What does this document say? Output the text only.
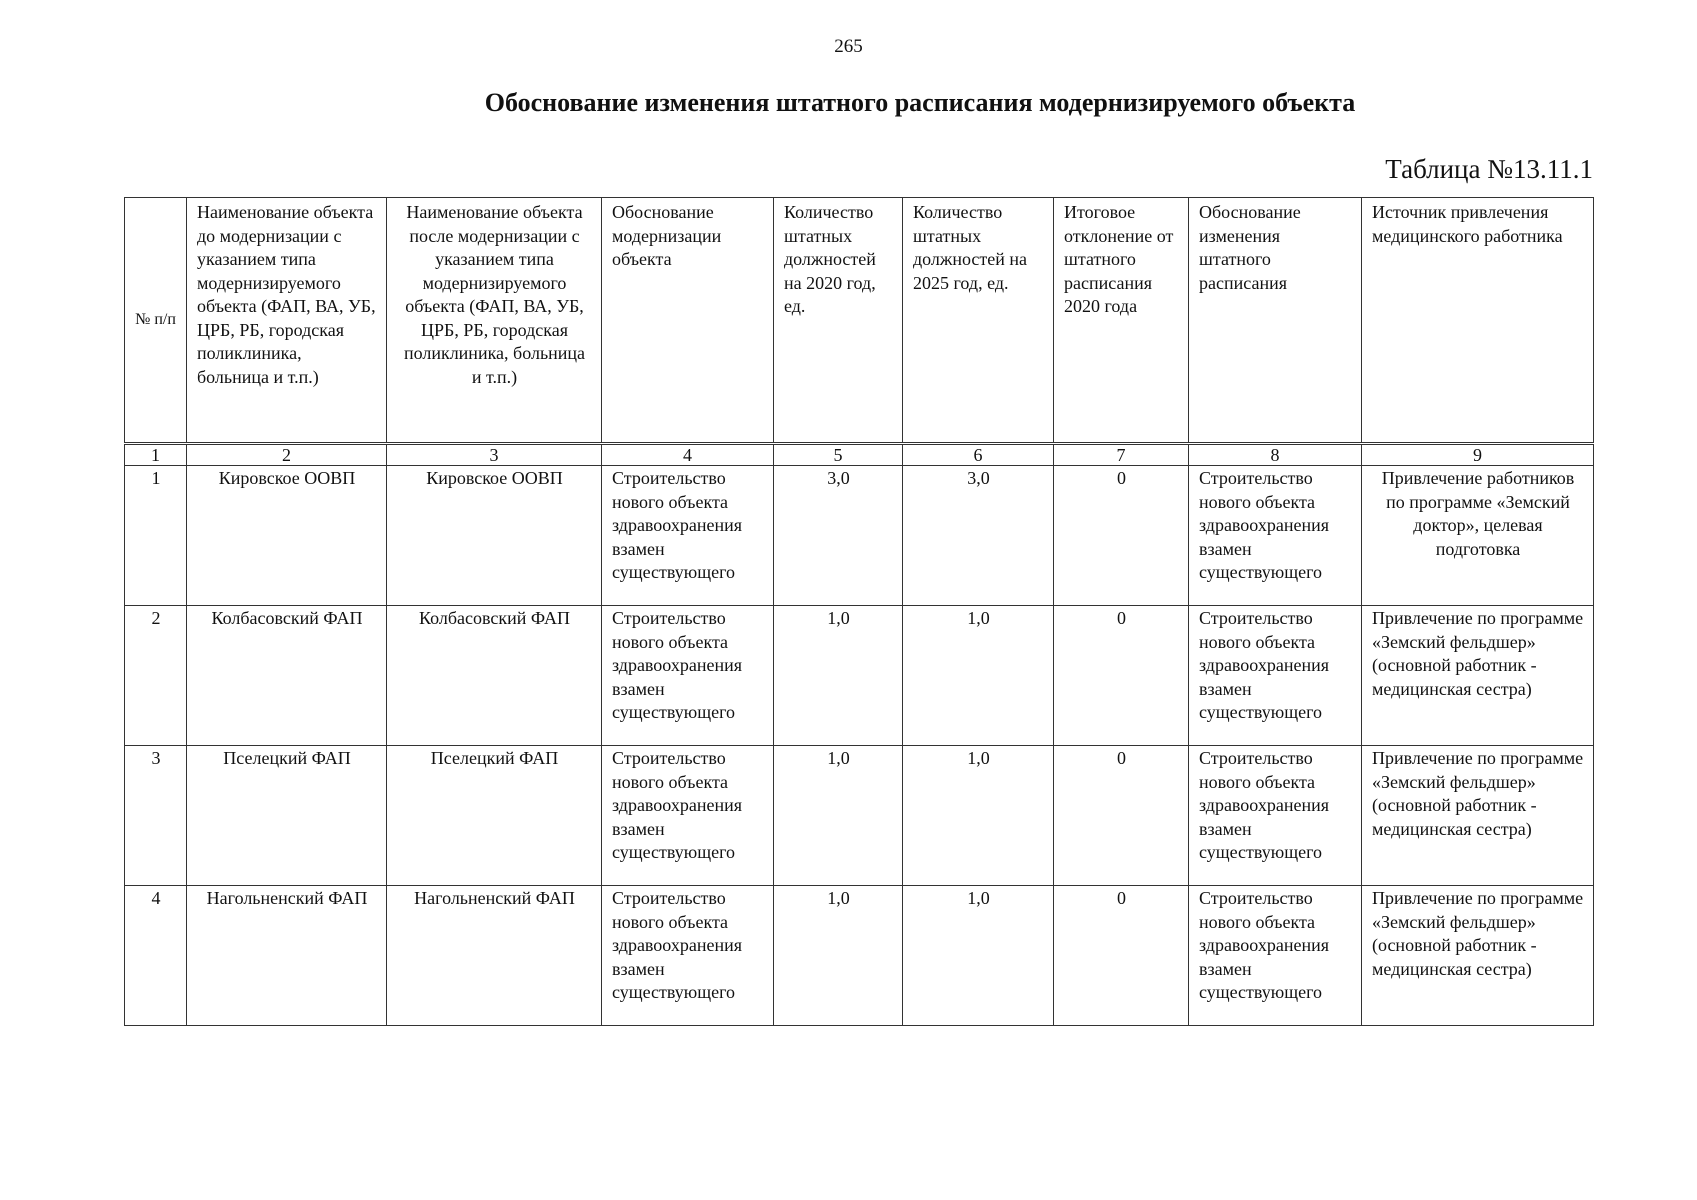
265
Обоснование изменения штатного расписания модернизируемого объекта
Таблица №13.11.1
№ п/п	Наименование объекта до модернизации с указанием типа модернизируемого объекта (ФАП, ВА, УБ, ЦРБ, РБ, городская поликлиника, больница и т.п.)	Наименование объекта после модернизации с указанием типа модернизируемого объекта (ФАП, ВА, УБ, ЦРБ, РБ, городская поликлиника, больница и т.п.)	Обоснование модернизации объекта	Количество штатных должностей на 2020 год, ед.	Количество штатных должностей на 2025 год, ед.	Итоговое отклонение от штатного расписания 2020 года	Обоснование изменения штатного расписания	Источник привлечения медицинского работника
1	2	3	4	5	6	7	8	9
1	Кировское ООВП	Кировское ООВП	Строительство нового объекта здравоохранения взамен существующего	3,0	3,0	0	Строительство нового объекта здравоохранения взамен существующего	Привлечение работников по программе «Земский доктор», целевая подготовка
2	Колбасовский ФАП	Колбасовский ФАП	Строительство нового объекта здравоохранения взамен существующего	1,0	1,0	0	Строительство нового объекта здравоохранения взамен существующего	Привлечение по программе «Земский фельдшер» (основной работник - медицинская сестра)
3	Пселецкий ФАП	Пселецкий ФАП	Строительство нового объекта здравоохранения взамен существующего	1,0	1,0	0	Строительство нового объекта здравоохранения взамен существующего	Привлечение по программе «Земский фельдшер» (основной работник - медицинская сестра)
4	Нагольненский ФАП	Нагольненский ФАП	Строительство нового объекта здравоохранения взамен существующего	1,0	1,0	0	Строительство нового объекта здравоохранения взамен существующего	Привлечение по программе «Земский фельдшер» (основной работник - медицинская сестра)
